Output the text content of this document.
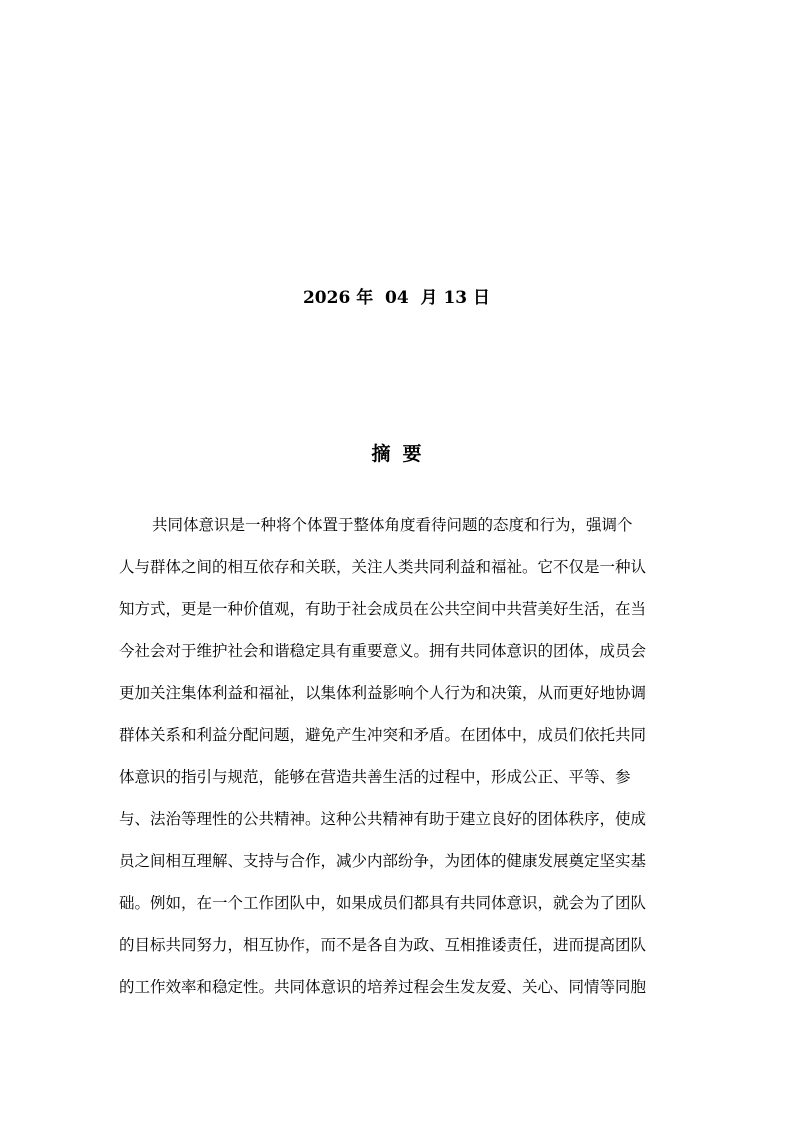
2026 年  04  月 13 日
摘要
共同体意识是一种将个体置于整体角度看待问题的态度和行为，强调个
人与群体之间的相互依存和关联，关注人类共同利益和福祉。它不仅是一种认
知方式，更是一种价值观，有助于社会成员在公共空间中共营美好生活，在当
今社会对于维护社会和谐稳定具有重要意义。拥有共同体意识的团体，成员会
更加关注集体利益和福祉，以集体利益影响个人行为和决策，从而更好地协调
群体关系和利益分配问题，避免产生冲突和矛盾。在团体中，成员们依托共同
体意识的指引与规范，能够在营造共善生活的过程中，形成公正、平等、参
与、法治等理性的公共精神。这种公共精神有助于建立良好的团体秩序，使成
员之间相互理解、支持与合作，减少内部纷争，为团体的健康发展奠定坚实基
础。例如，在一个工作团队中，如果成员们都具有共同体意识，就会为了团队
的目标共同努力，相互协作，而不是各自为政、互相推诿责任，进而提高团队
的工作效率和稳定性。共同体意识的培养过程会生发友爱、关心、同情等同胞
